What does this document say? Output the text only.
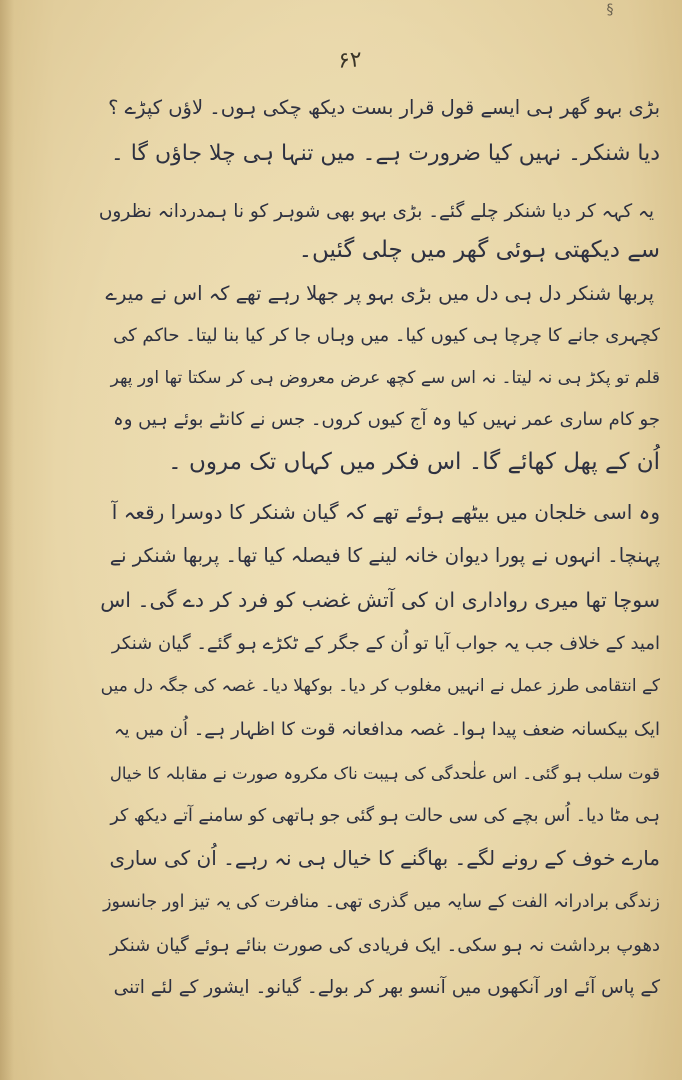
§
۶۲
بڑی بہو گھر ہی ایسے قول قرار بست دیکھ چکی ہوں۔ لاؤں کپڑے ؟
دیا شنکر۔ نہیں کیا ضرورت ہے۔ میں تنہا ہی چلا جاؤں گا ۔
یہ کہہ کر دیا شنکر چلے گئے۔ بڑی بہو بھی شوہر کو نا ہمدردانہ نظروں
سے دیکھتی ہوئی گھر میں چلی گئیں۔
پربھا شنکر دل ہی دل میں بڑی بہو پر جھلا رہے تھے کہ اس نے میرے
کچہری جانے کا چرچا ہی کیوں کیا۔ میں وہاں جا کر کیا بنا لیتا۔ حاکم کی
قلم تو پکڑ ہی نہ لیتا۔ نہ اس سے کچھ عرض معروض ہی کر سکتا تھا اور پھر
جو کام ساری عمر نہیں کیا وہ آج کیوں کروں۔ جس نے کانٹے بوئے ہیں وہ
اُن کے پھل کھائے گا۔ اس فکر میں کہاں تک مروں ۔
وہ اسی خلجان میں بیٹھے ہوئے تھے کہ گیان شنکر کا دوسرا رقعہ آ
پہنچا۔ انہوں نے پورا دیوان خانہ لینے کا فیصلہ کیا تھا۔ پربھا شنکر نے
سوچا تھا میری رواداری ان کی آتش غضب کو فرد کر دے گی۔ اس
امید کے خلاف جب یہ جواب آیا تو اُن کے جگر کے ٹکڑے ہو گئے۔ گیان شنکر
کے انتقامی طرز عمل نے انہیں مغلوب کر دیا۔ بوکھلا دیا۔ غصہ کی جگہ دل میں
ایک بیکسانہ ضعف پیدا ہوا۔ غصہ مدافعانہ قوت کا اظہار ہے۔ اُن میں یہ
قوت سلب ہو گئی۔ اس علٰحدگی کی ہیبت ناک مکروہ صورت نے مقابلہ کا خیال
ہی مٹا دیا۔ اُس بچے کی سی حالت ہو گئی جو ہاتھی کو سامنے آتے دیکھ کر
مارے خوف کے رونے لگے۔ بھاگنے کا خیال ہی نہ رہے۔ اُن کی ساری
زندگی برادرانہ الفت کے سایہ میں گذری تھی۔ منافرت کی یہ تیز اور جانسوز
دھوپ برداشت نہ ہو سکی۔ ایک فریادی کی صورت بنائے ہوئے گیان شنکر
کے پاس آئے اور آنکھوں میں آنسو بھر کر بولے۔ گیانو۔ ایشور کے لئے اتنی
